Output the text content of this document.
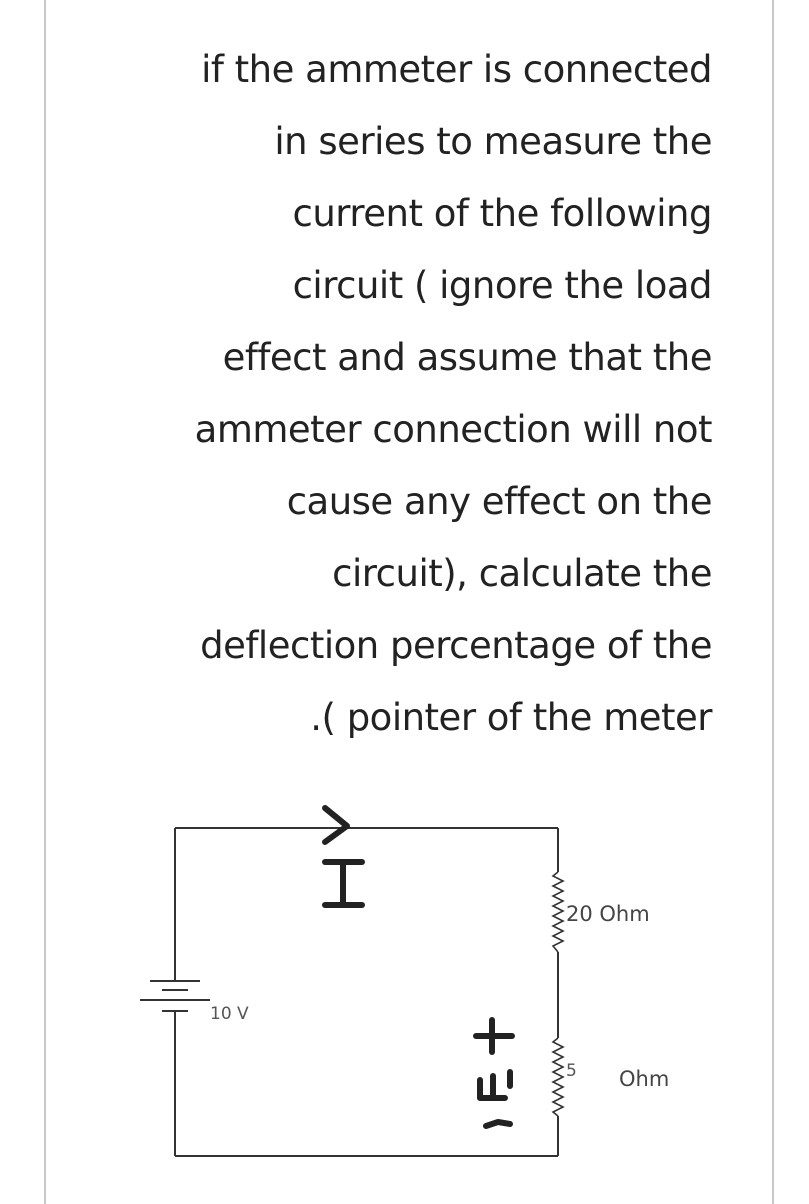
if the ammeter is connected
in series to measure the
current of the following
circuit ( ignore the load
effect and assume that the
ammeter connection will not
cause any effect on the
circuit), calculate the
deflection percentage of the
.( pointer of the meter
10 V
20 Ohm
5 Ohm
